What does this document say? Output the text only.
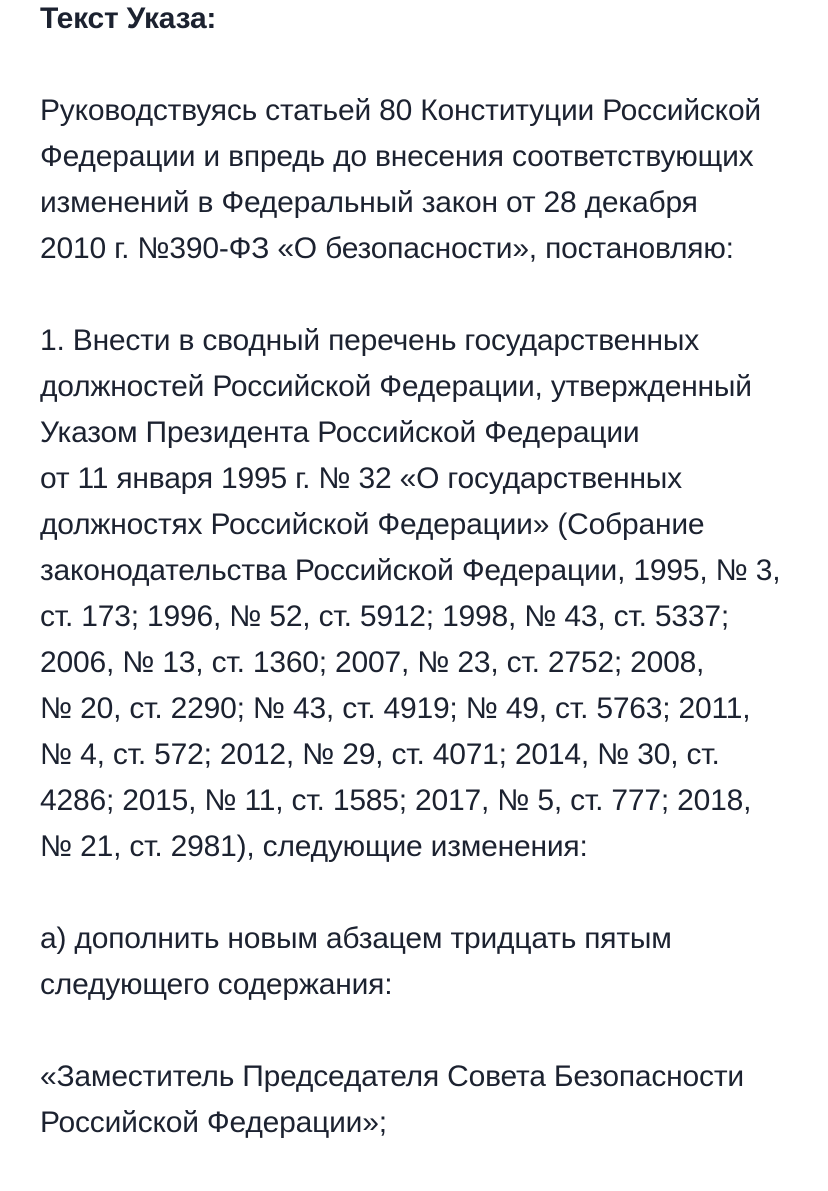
Текст Указа:
Руководствуясь статьей 80 Конституции Российской
Федерации и впредь до внесения соответствующих
изменений в Федеральный закон от 28 декабря
2010 г. №390-ФЗ «О безопасности», постановляю:
1. Внести в сводный перечень государственных
должностей Российской Федерации, утвержденный
Указом Президента Российской Федерации
от 11 января 1995 г. № 32 «О государственных
должностях Российской Федерации» (Собрание
законодательства Российской Федерации, 1995, № 3,
ст. 173; 1996, № 52, ст. 5912; 1998, № 43, ст. 5337;
2006, № 13, ст. 1360; 2007, № 23, ст. 2752; 2008,
№ 20, ст. 2290; № 43, ст. 4919; № 49, ст. 5763; 2011,
№ 4, ст. 572; 2012, № 29, ст. 4071; 2014, № 30, ст.
4286; 2015, № 11, ст. 1585; 2017, № 5, ст. 777; 2018,
№ 21, ст. 2981), следующие изменения:
а) дополнить новым абзацем тридцать пятым
следующего содержания:
«Заместитель Председателя Совета Безопасности
Российской Федерации»;
